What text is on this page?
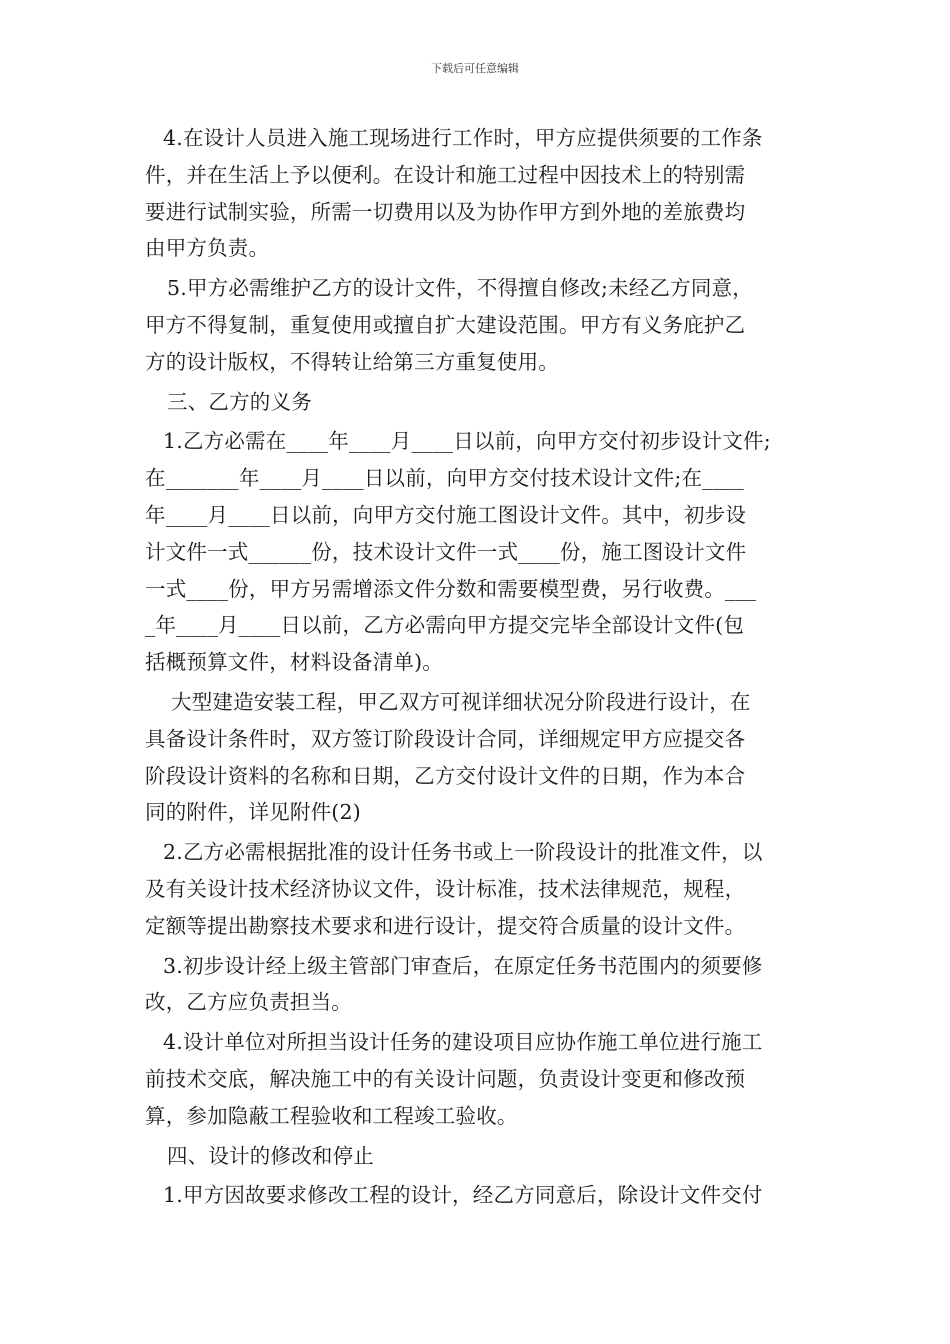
下载后可任意编辑
4.在设计人员进入施工现场进行工作时，甲方应提供须要的工作条
件，并在生活上予以便利。在设计和施工过程中因技术上的特别需
要进行试制实验，所需一切费用以及为协作甲方到外地的差旅费均
由甲方负责。
5.甲方必需维护乙方的设计文件，不得擅自修改;未经乙方同意，
甲方不得复制，重复使用或擅自扩大建设范围。甲方有义务庇护乙
方的设计版权，不得转让给第三方重复使用。
三、乙方的义务
1.乙方必需在____年____月____日以前，向甲方交付初步设计文件;
在_______年____月____日以前，向甲方交付技术设计文件;在____
年____月____日以前，向甲方交付施工图设计文件。其中，初步设
计文件一式______份，技术设计文件一式____份，施工图设计文件
一式____份，甲方另需增添文件分数和需要模型费，另行收费。___
_年____月____日以前，乙方必需向甲方提交完毕全部设计文件(包
括概预算文件，材料设备清单)。
大型建造安装工程，甲乙双方可视详细状况分阶段进行设计，在
具备设计条件时，双方签订阶段设计合同，详细规定甲方应提交各
阶段设计资料的名称和日期，乙方交付设计文件的日期，作为本合
同的附件，详见附件(2)
2.乙方必需根据批准的设计任务书或上一阶段设计的批准文件，以
及有关设计技术经济协议文件，设计标准，技术法律规范，规程，
定额等提出勘察技术要求和进行设计，提交符合质量的设计文件。
3.初步设计经上级主管部门审查后，在原定任务书范围内的须要修
改，乙方应负责担当。
4.设计单位对所担当设计任务的建设项目应协作施工单位进行施工
前技术交底，解决施工中的有关设计问题，负责设计变更和修改预
算，参加隐蔽工程验收和工程竣工验收。
四、设计的修改和停止
1.甲方因故要求修改工程的设计，经乙方同意后，除设计文件交付
